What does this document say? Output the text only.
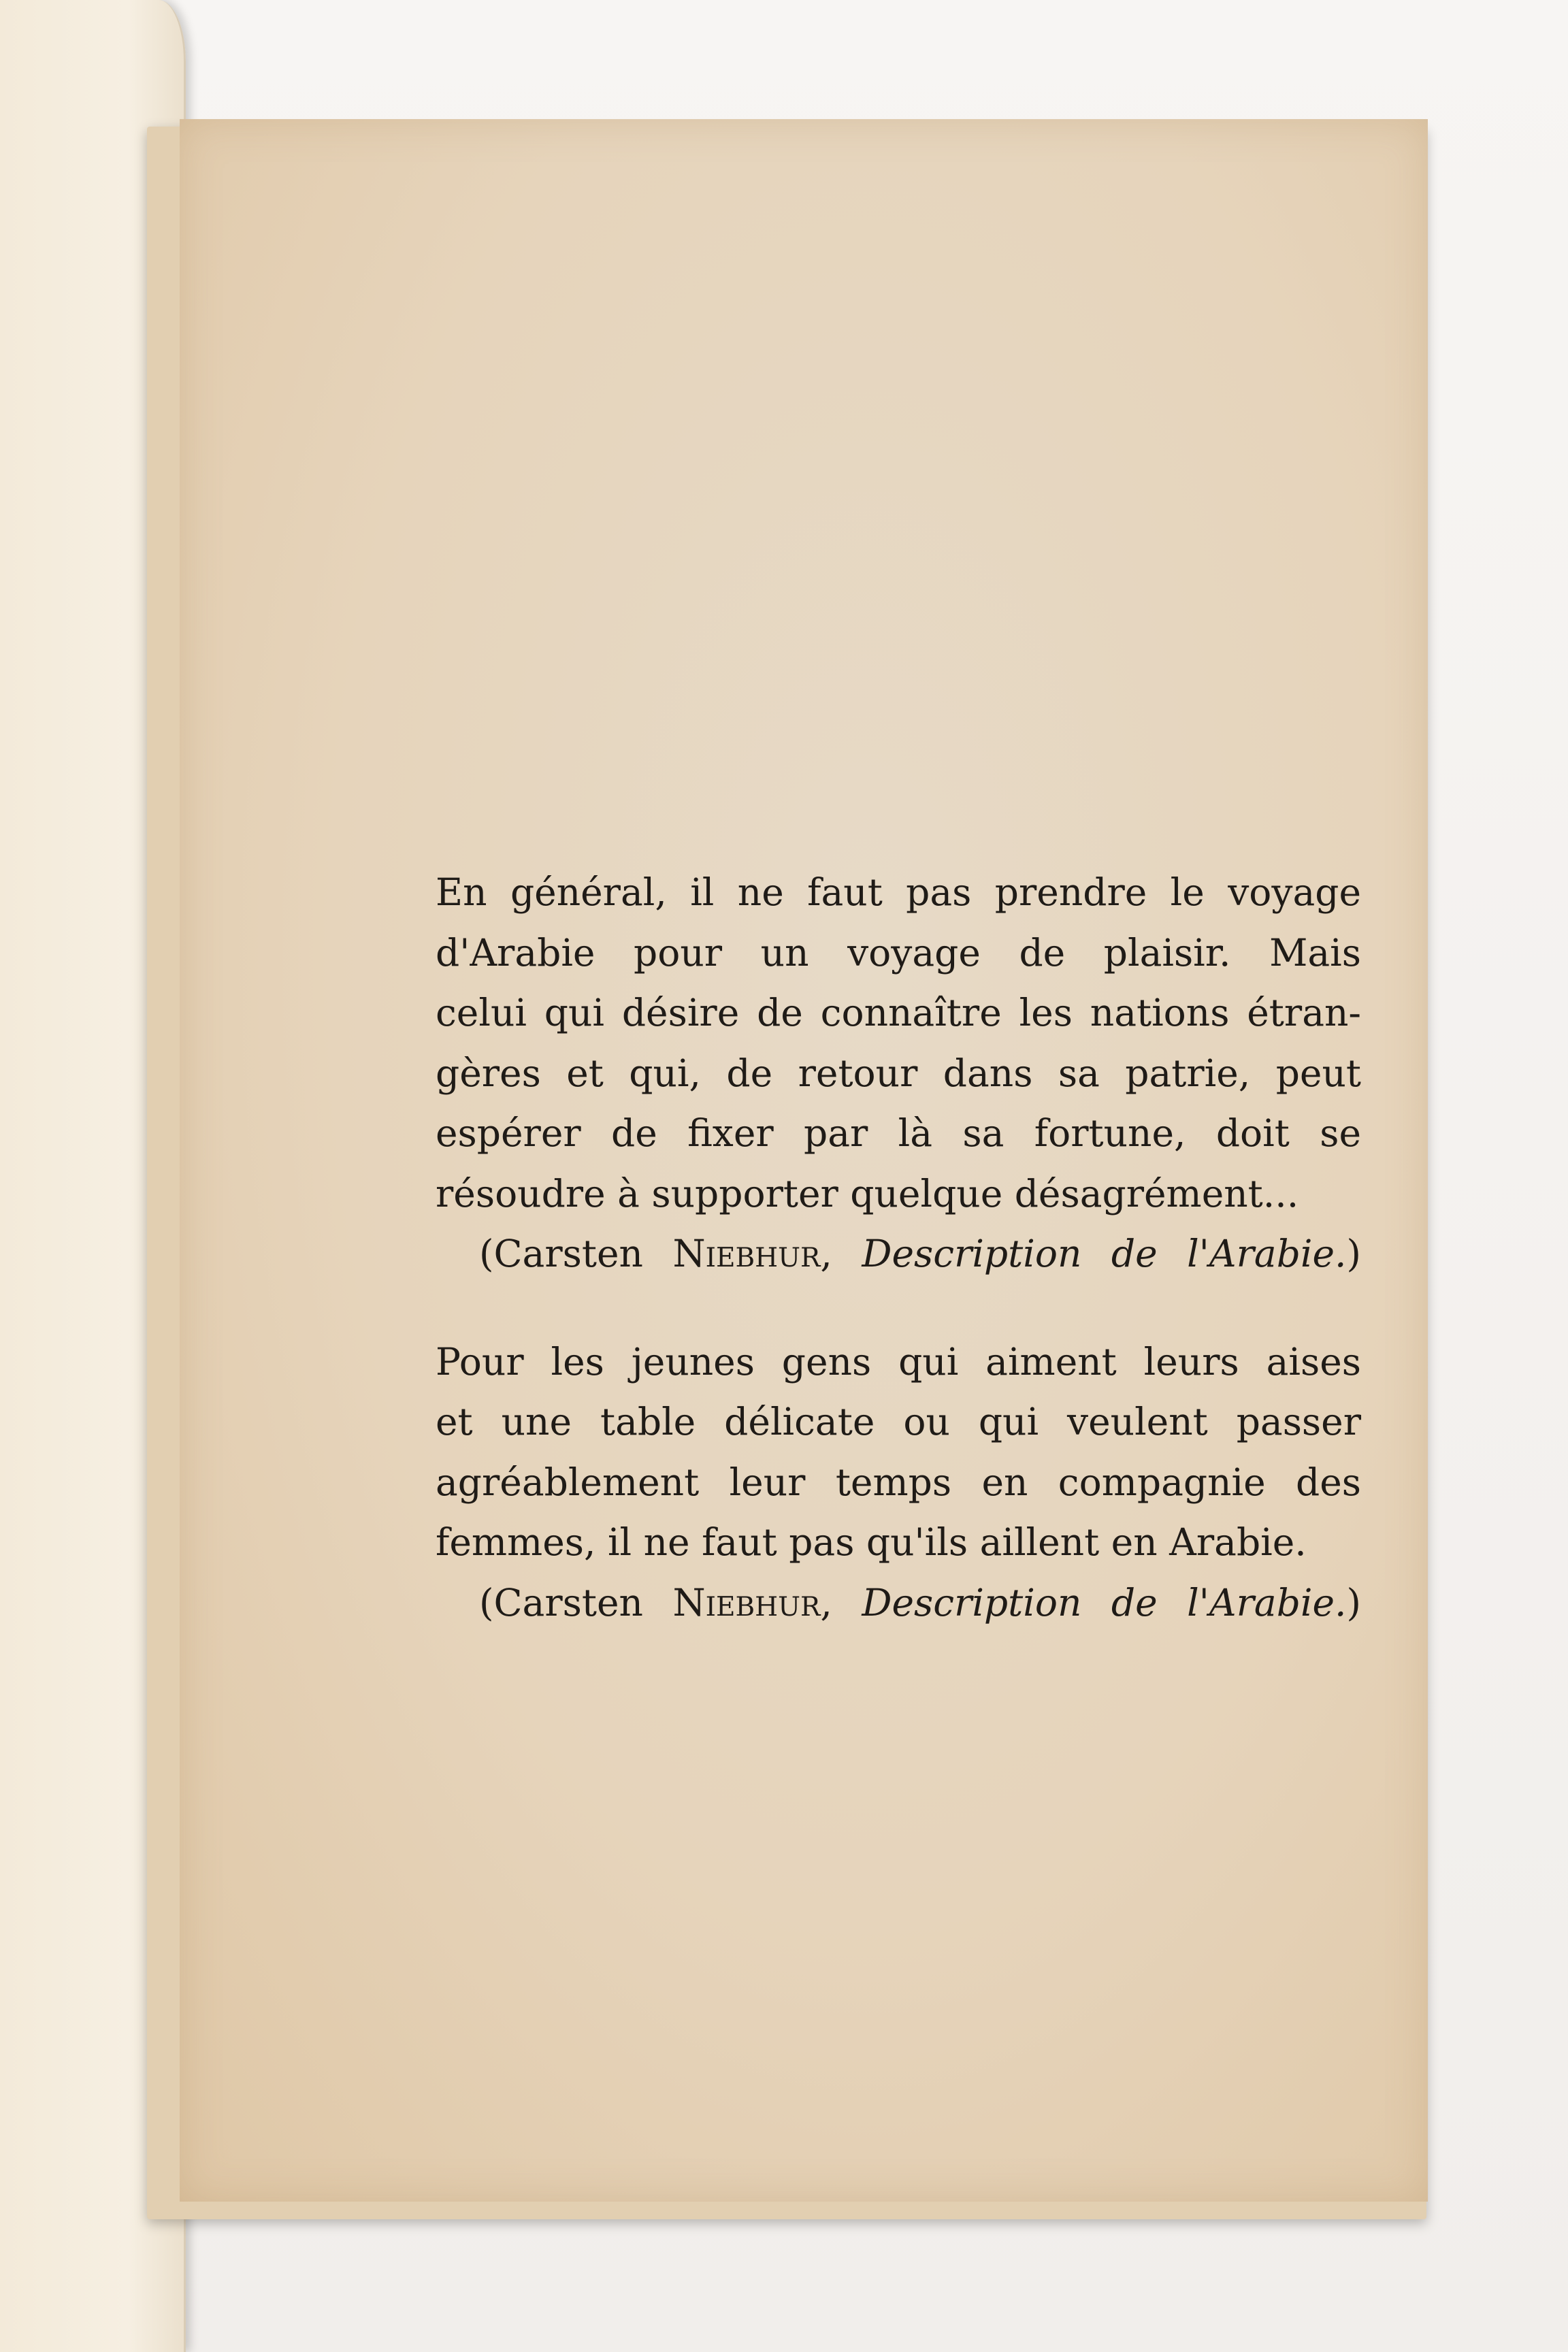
En général, il ne faut pas prendre le voyage
d'Arabie pour un voyage de plaisir. Mais
celui qui désire de connaître les nations étran-
gères et qui, de retour dans sa patrie, peut
espérer de fixer par là sa fortune, doit se
résoudre à supporter quelque désagrément...
(Carsten Niebhur, Description de l'Arabie.)
Pour les jeunes gens qui aiment leurs aises
et une table délicate ou qui veulent passer
agréablement leur temps en compagnie des
femmes, il ne faut pas qu'ils aillent en Arabie.
(Carsten Niebhur, Description de l'Arabie.)
